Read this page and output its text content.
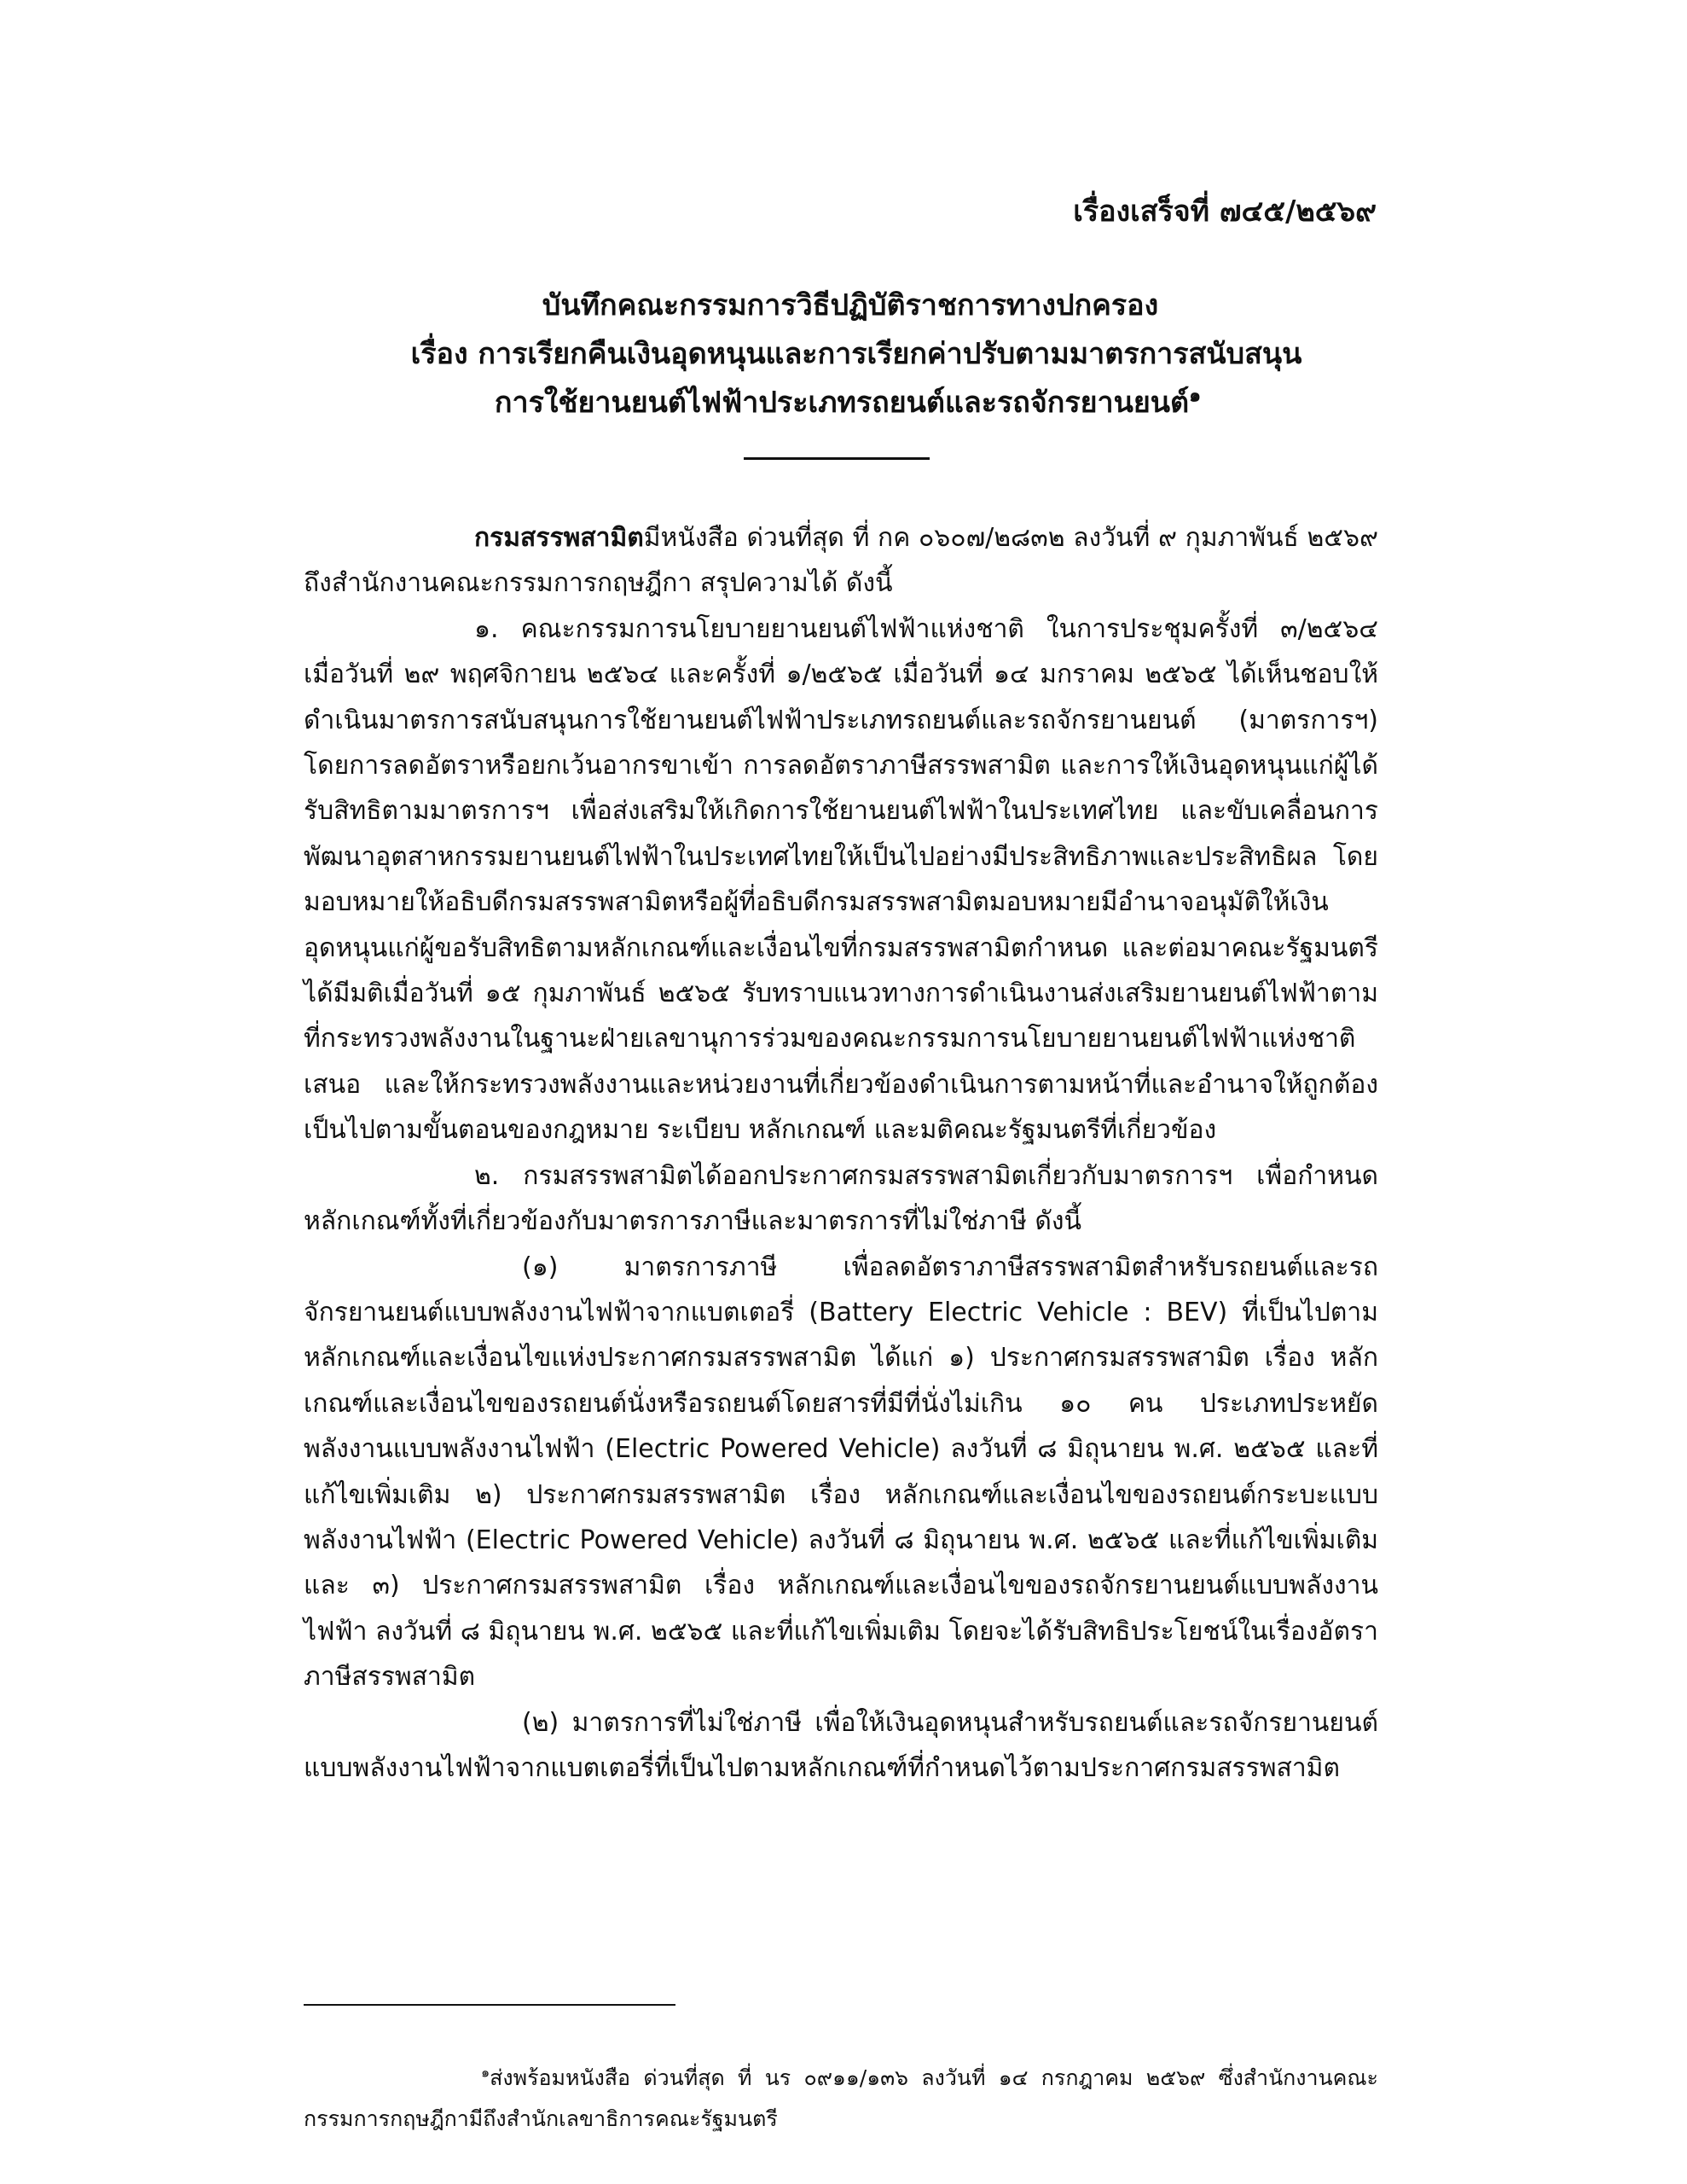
เรื่องเสร็จที่ ๗๔๕/๒๕๖๙
บันทึกคณะกรรมการวิธีปฏิบัติราชการทางปกครอง
เรื่อง การเรียกคืนเงินอุดหนุนและการเรียกค่าปรับตามมาตรการสนับสนุน
การใช้ยานยนต์ไฟฟ้าประเภทรถยนต์และรถจักรยานยนต์$^๑$

กรมสรรพสามิตมีหนังสือ ด่วนที่สุด ที่ กค ๐๖๐๗/๒๘๓๒ ลงวันที่ ๙ กุมภาพันธ์ ๒๕๖๙ ถึงสำนักงานคณะกรรมการกฤษฎีกา สรุปความได้ ดังนี้

๑. คณะกรรมการนโยบายยานยนต์ไฟฟ้าแห่งชาติ ในการประชุมครั้งที่ ๓/๒๕๖๔ เมื่อวันที่ ๒๙ พฤศจิกายน ๒๕๖๔ และครั้งที่ ๑/๒๕๖๕ เมื่อวันที่ ๑๔ มกราคม ๒๕๖๕ ได้เห็นชอบให้ดำเนินมาตรการสนับสนุนการใช้ยานยนต์ไฟฟ้าประเภทรถยนต์และรถจักรยานยนต์ (มาตรการฯ) โดยการลดอัตราหรือยกเว้นอากรขาเข้า การลดอัตราภาษีสรรพสามิต และการให้เงินอุดหนุนแก่ผู้ได้รับสิทธิตามมาตรการฯ เพื่อส่งเสริมให้เกิดการใช้ยานยนต์ไฟฟ้าในประเทศไทย และขับเคลื่อนการพัฒนาอุตสาหกรรมยานยนต์ไฟฟ้าในประเทศไทยให้เป็นไปอย่างมีประสิทธิภาพและประสิทธิผล โดยมอบหมายให้อธิบดีกรมสรรพสามิตหรือผู้ที่อธิบดีกรมสรรพสามิตมอบหมายมีอำนาจอนุมัติให้เงินอุดหนุนแก่ผู้ขอรับสิทธิตามหลักเกณฑ์และเงื่อนไขที่กรมสรรพสามิตกำหนด และต่อมาคณะรัฐมนตรีได้มีมติเมื่อวันที่ ๑๕ กุมภาพันธ์ ๒๕๖๕ รับทราบแนวทางการดำเนินงานส่งเสริมยานยนต์ไฟฟ้าตามที่กระทรวงพลังงานในฐานะฝ่ายเลขานุการร่วมของคณะกรรมการนโยบายยานยนต์ไฟฟ้าแห่งชาติเสนอ และให้กระทรวงพลังงานและหน่วยงานที่เกี่ยวข้องดำเนินการตามหน้าที่และอำนาจให้ถูกต้อง เป็นไปตามขั้นตอนของกฎหมาย ระเบียบ หลักเกณฑ์ และมติคณะรัฐมนตรีที่เกี่ยวข้อง

๒. กรมสรรพสามิตได้ออกประกาศกรมสรรพสามิตเกี่ยวกับมาตรการฯ เพื่อกำหนดหลักเกณฑ์ทั้งที่เกี่ยวข้องกับมาตรการภาษีและมาตรการที่ไม่ใช่ภาษี ดังนี้

(๑) มาตรการภาษี เพื่อลดอัตราภาษีสรรพสามิตสำหรับรถยนต์และรถจักรยานยนต์แบบพลังงานไฟฟ้าจากแบตเตอรี่ (Battery Electric Vehicle : BEV) ที่เป็นไปตามหลักเกณฑ์และเงื่อนไขแห่งประกาศกรมสรรพสามิต ได้แก่ ๑) ประกาศกรมสรรพสามิต เรื่อง หลักเกณฑ์และเงื่อนไขของรถยนต์นั่งหรือรถยนต์โดยสารที่มีที่นั่งไม่เกิน ๑๐ คน ประเภทประหยัดพลังงานแบบพลังงานไฟฟ้า (Electric Powered Vehicle) ลงวันที่ ๘ มิถุนายน พ.ศ. ๒๕๖๕ และที่แก้ไขเพิ่มเติม ๒) ประกาศกรมสรรพสามิต เรื่อง หลักเกณฑ์และเงื่อนไขของรถยนต์กระบะแบบพลังงานไฟฟ้า (Electric Powered Vehicle) ลงวันที่ ๘ มิถุนายน พ.ศ. ๒๕๖๕ และที่แก้ไขเพิ่มเติม และ ๓) ประกาศกรมสรรพสามิต เรื่อง หลักเกณฑ์และเงื่อนไขของรถจักรยานยนต์แบบพลังงานไฟฟ้า ลงวันที่ ๘ มิถุนายน พ.ศ. ๒๕๖๕ และที่แก้ไขเพิ่มเติม โดยจะได้รับสิทธิประโยชน์ในเรื่องอัตราภาษีสรรพสามิต

(๒) มาตรการที่ไม่ใช่ภาษี เพื่อให้เงินอุดหนุนสำหรับรถยนต์และรถจักรยานยนต์แบบพลังงานไฟฟ้าจากแบตเตอรี่ที่เป็นไปตามหลักเกณฑ์ที่กำหนดไว้ตามประกาศกรมสรรพสามิต

$^๑$ส่งพร้อมหนังสือ ด่วนที่สุด ที่ นร ๐๙๑๑/๑๓๖ ลงวันที่ ๑๔ กรกฎาคม ๒๕๖๙ ซึ่งสำนักงานคณะกรรมการกฤษฎีกามีถึงสำนักเลขาธิการคณะรัฐมนตรี
